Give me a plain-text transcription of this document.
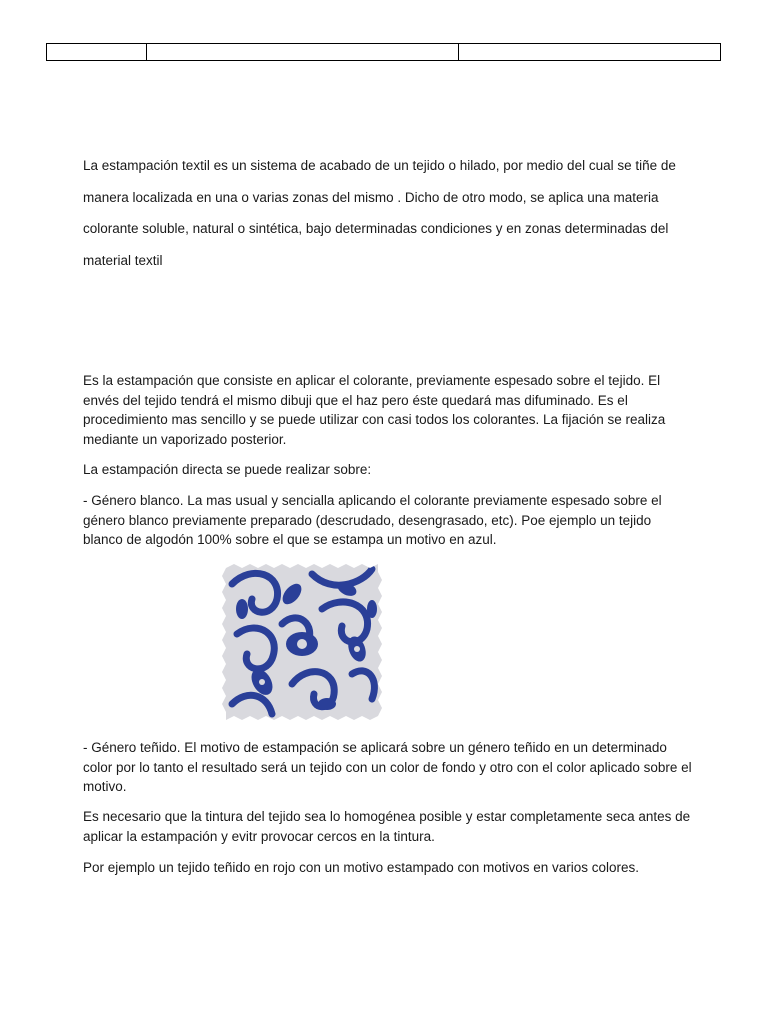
La estampación textil es un sistema de acabado de un tejido o hilado, por medio del cual se tiñe de manera localizada en una o varias zonas del mismo . Dicho de otro modo, se aplica una materia colorante soluble, natural o sintética, bajo determinadas condiciones y en zonas determinadas del material textil

Es la estampación que consiste en aplicar el colorante, previamente espesado sobre el tejido. El envés del tejido tendrá el mismo dibuji que el haz pero éste quedará mas difuminado. Es el procedimiento mas sencillo y se puede utilizar con casi todos los colorantes. La fijación se realiza mediante un vaporizado posterior.

La estampación directa se puede realizar sobre:

- Género blanco. La mas usual y senciall​a aplicando el colorante previamente espesado sobre el género blanco previamente preparado (descrudado, desengrasado, etc). Poe ejemplo un tejido blanco de algodón 100% sobre el que se estampa un motivo en azul.

- Género teñido. El motivo de estampación se aplicará sobre un género teñido en un determinado color por lo tanto el resultado será un tejido con un color de fondo y otro con el color aplicado sobre el motivo.

Es necesario que la tintura del tejido sea lo homogénea posible y estar completamente seca antes de aplicar la estampación y evitr provocar cercos en la tintura.

Por ejemplo un tejido teñido en rojo con un motivo estampado con motivos en varios colores.
